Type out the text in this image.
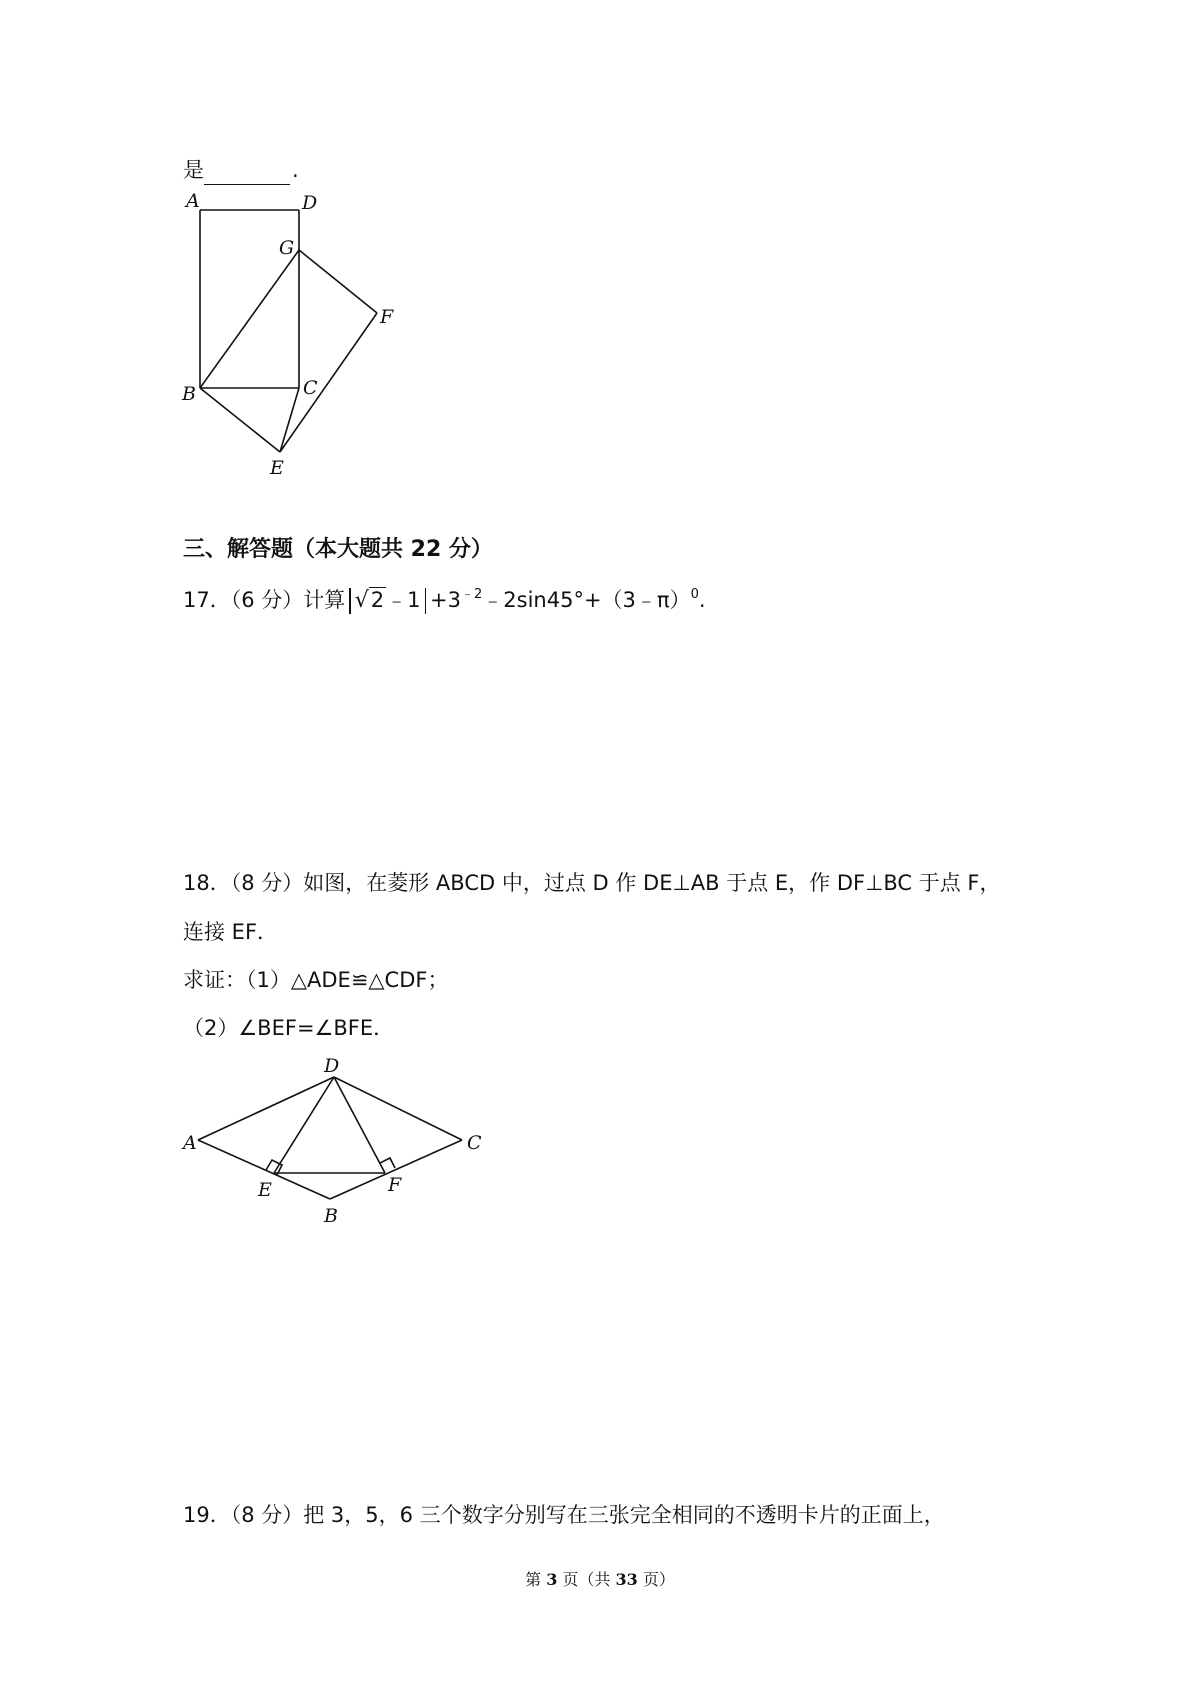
是	.
A	D
G
F
B	C
E
三、解答题（本大题共 22 分）
17．（6 分）计算 √2﹣1 $+3^{﹣2}﹣2\sin 45^\circ+(3﹣\pi)^0$.
18．（8 分）如图，在菱形 ABCD 中，过点 D 作 DE⊥AB 于点 E，作 DF⊥BC 于点 F，
连接 EF．
求证：（1）△ADE≌△CDF；
（2）∠BEF=∠BFE．
D
A	C
E	F
B
19．（8 分）把 3，5，6 三个数字分别写在三张完全相同的不透明卡片的正面上，
第 3 页（共 33 页）
